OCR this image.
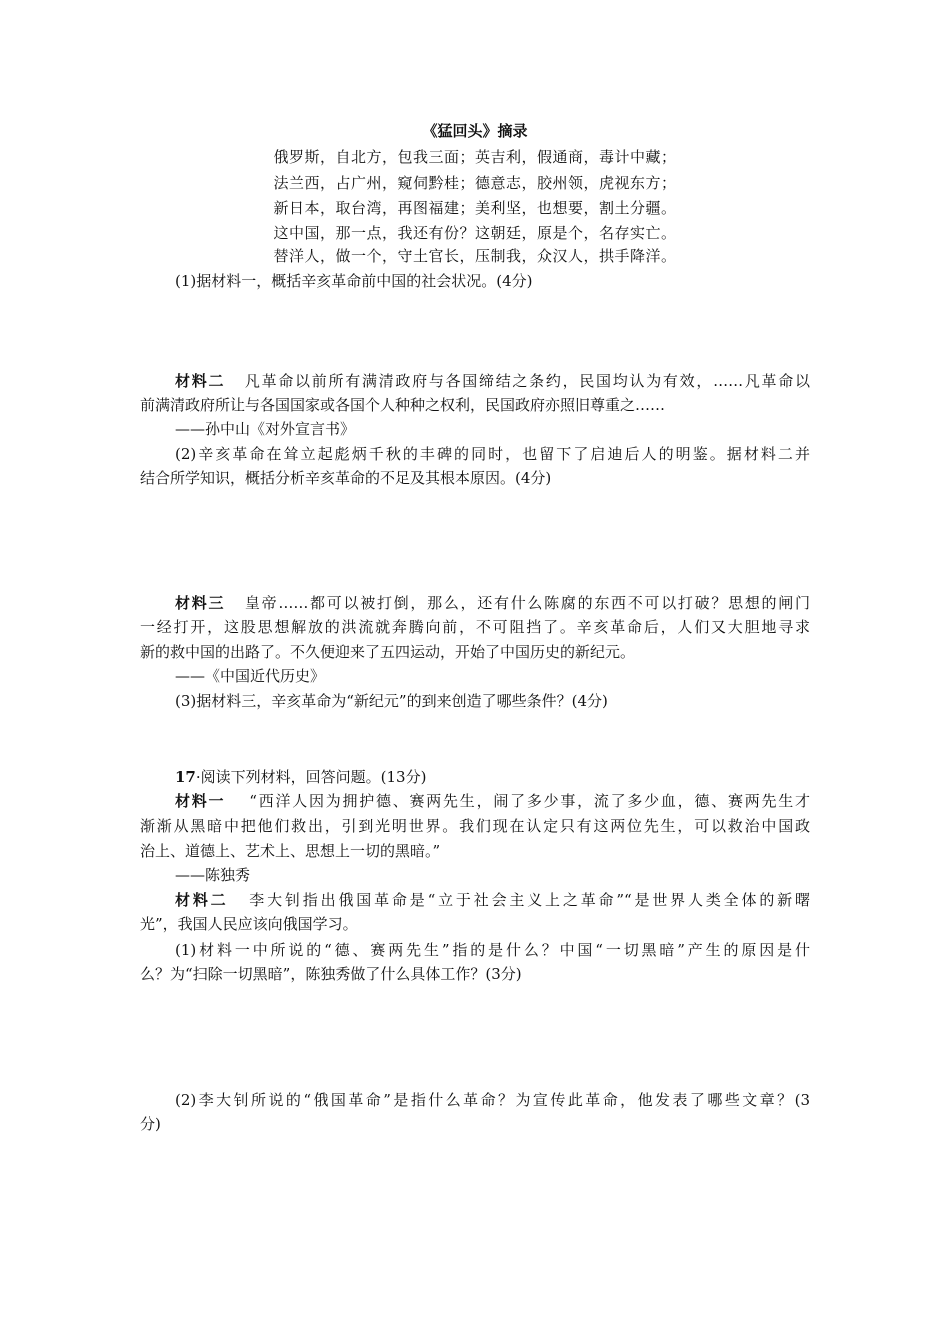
《猛回头》摘录
俄罗斯，自北方，包我三面；英吉利，假通商，毒计中藏；
法兰西，占广州，窥伺黔桂；德意志，胶州领，虎视东方；
新日本，取台湾，再图福建；美利坚，也想要，割土分疆。
这中国，那一点，我还有份？这朝廷，原是个，名存实亡。
替洋人，做一个，守土官长，压制我，众汉人，拱手降洋。
(1)据材料一，概括辛亥革命前中国的社会状况。(4分)
材料二 凡革命以前所有满清政府与各国缔结之条约，民国均认为有效，……凡革命以
前满清政府所让与各国国家或各国个人种种之权利，民国政府亦照旧尊重之……
——孙中山《对外宣言书》
(2)辛亥革命在耸立起彪炳千秋的丰碑的同时，也留下了启迪后人的明鉴。据材料二并
结合所学知识，概括分析辛亥革命的不足及其根本原因。(4分)
材料三 皇帝……都可以被打倒，那么，还有什么陈腐的东西不可以打破？思想的闸门
一经打开，这股思想解放的洪流就奔腾向前，不可阻挡了。辛亥革命后，人们又大胆地寻求
新的救中国的出路了。不久便迎来了五四运动，开始了中国历史的新纪元。
——《中国近代历史》
(3)据材料三，辛亥革命为“新纪元”的到来创造了哪些条件？(4分)
17·阅读下列材料，回答问题。(13分)
材料一 “西洋人因为拥护德、赛两先生，闹了多少事，流了多少血，德、赛两先生才
渐渐从黑暗中把他们救出，引到光明世界。我们现在认定只有这两位先生，可以救治中国政
治上、道德上、艺术上、思想上一切的黑暗。”
——陈独秀
材料二 李大钊指出俄国革命是“立于社会主义上之革命”“是世界人类全体的新曙
光”，我国人民应该向俄国学习。
(1)材料一中所说的“德、赛两先生”指的是什么？中国“一切黑暗”产生的原因是什
么？为“扫除一切黑暗”，陈独秀做了什么具体工作？(3分)
(2)李大钊所说的“俄国革命”是指什么革命？为宣传此革命，他发表了哪些文章？(3
分)
